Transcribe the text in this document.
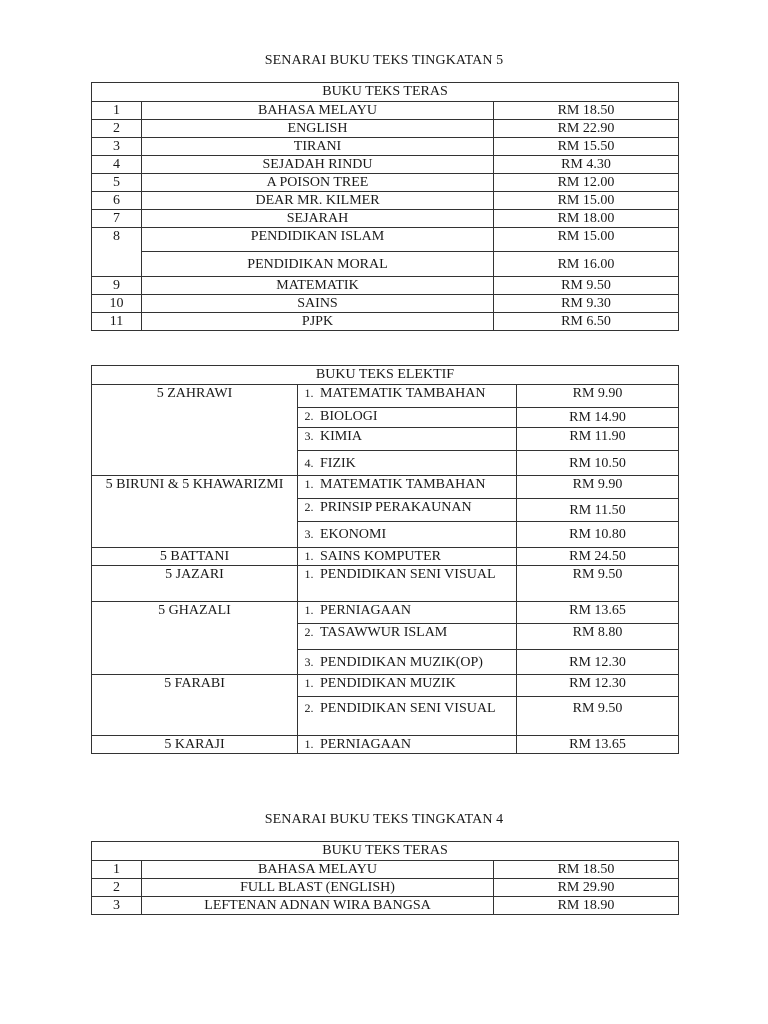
SENARAI BUKU TEKS TINGKATAN 5
BUKU TEKS TERAS		
1	BAHASA MELAYU	RM 18.50
2	ENGLISH	RM 22.90
3	TIRANI	RM 15.50
4	SEJADAH RINDU	RM 4.30
5	A POISON TREE	RM 12.00
6	DEAR MR. KILMER	RM 15.00
7	SEJARAH	RM 18.00
8	PENDIDIKAN ISLAM	RM 15.00
	PENDIDIKAN MORAL	RM 16.00
9	MATEMATIK	RM 9.50
10	SAINS	RM 9.30
11	PJPK	RM 6.50
BUKU TEKS ELEKTIF		
5 ZAHRAWI	1. MATEMATIK TAMBAHAN	RM 9.90

	2. BIOLOGI	RM 14.90

	3. KIMIA	RM 11.90

	4. FIZIK	RM 10.50
5 BIRUNI & 5 KHAWARIZMI	1. MATEMATIK TAMBAHAN	RM 9.90

	2. PRINSIP PERAKAUNAN	RM 11.50

	3. EKONOMI	RM 10.80
5 BATTANI	1. SAINS KOMPUTER	RM 24.50
5 JAZARI	1. PENDIDIKAN SENI VISUAL	RM 9.50
5 GHAZALI	1. PERNIAGAAN	RM 13.65

	2. TASAWWUR ISLAM	RM 8.80

	3. PENDIDIKAN MUZIK(OP)	RM 12.30
5 FARABI	1. PENDIDIKAN MUZIK	RM 12.30

	2. PENDIDIKAN SENI VISUAL	RM 9.50
5 KARAJI	1. PERNIAGAAN	RM 13.65
SENARAI BUKU TEKS TINGKATAN 4
BUKU TEKS TERAS		
1	BAHASA MELAYU	RM 18.50
2	FULL BLAST (ENGLISH)	RM 29.90
3	LEFTENAN ADNAN WIRA BANGSA	RM 18.90
